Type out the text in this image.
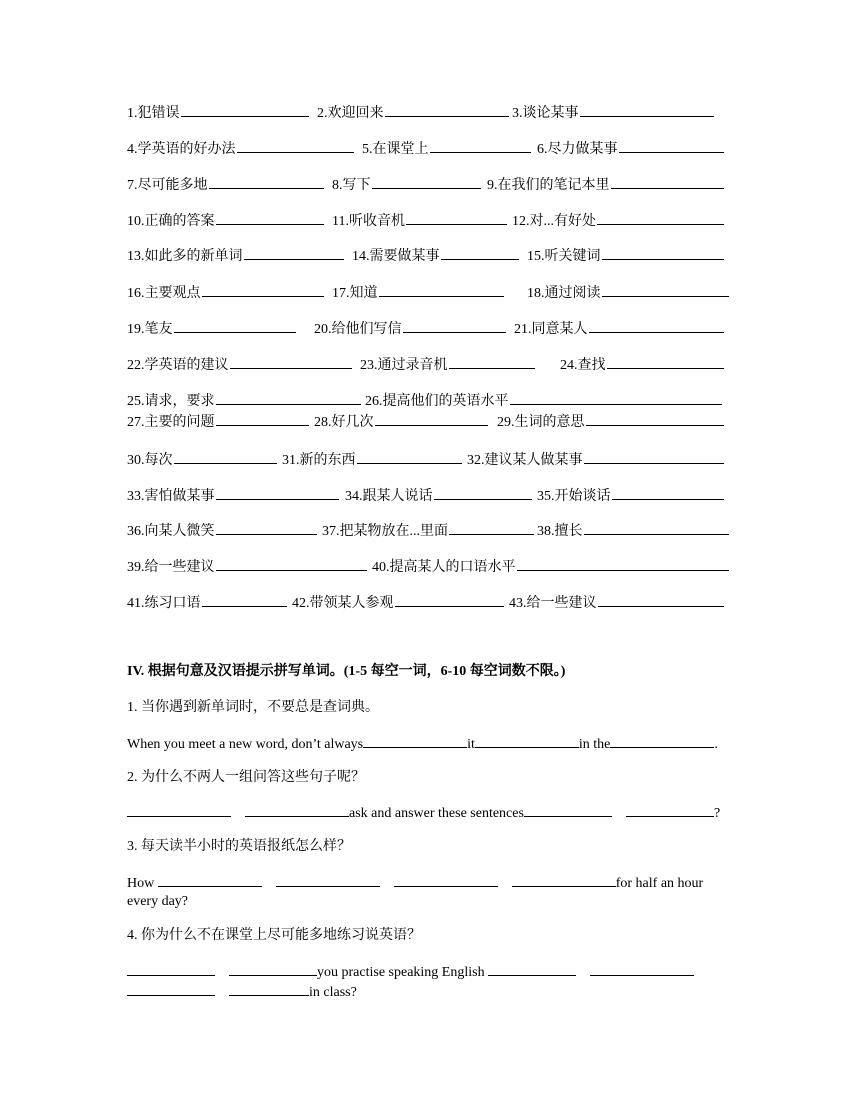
1.犯错误	2.欢迎回来	3.谈论某事
4.学英语的好办法	5.在课堂上	6.尽力做某事
7.尽可能多地	8.写下	9.在我们的笔记本里
10.正确的答案	11.听收音机	12.对...有好处
13.如此多的新单词	14.需要做某事	15.听关键词
16.主要观点	17.知道	18.通过阅读
19.笔友	20.给他们写信	21.同意某人
22.学英语的建议	23.通过录音机	24.查找
25.请求，要求	26.提高他们的英语水平
27.主要的问题	28.好几次	29.生词的意思
30.每次	31.新的东西	32.建议某人做某事
33.害怕做某事	34.跟某人说话	35.开始谈话
36.向某人微笑	37.把某物放在...里面	38.擅长
39.给一些建议	40.提高某人的口语水平
41.练习口语	42.带领某人参观	43.给一些建议
IV. 根据句意及汉语提示拼写单词。(1-5 每空一词，6-10 每空词数不限。)
1. 当你遇到新单词时，不要总是查词典。
When you meet a new word, don’t always	it	in the	.
2. 为什么不两人一组问答这些句子呢？
ask and answer these sentences	?
3. 每天读半小时的英语报纸怎么样？
How	for half an hour
every day?
4. 你为什么不在课堂上尽可能多地练习说英语？
you practise speaking English
in class?
